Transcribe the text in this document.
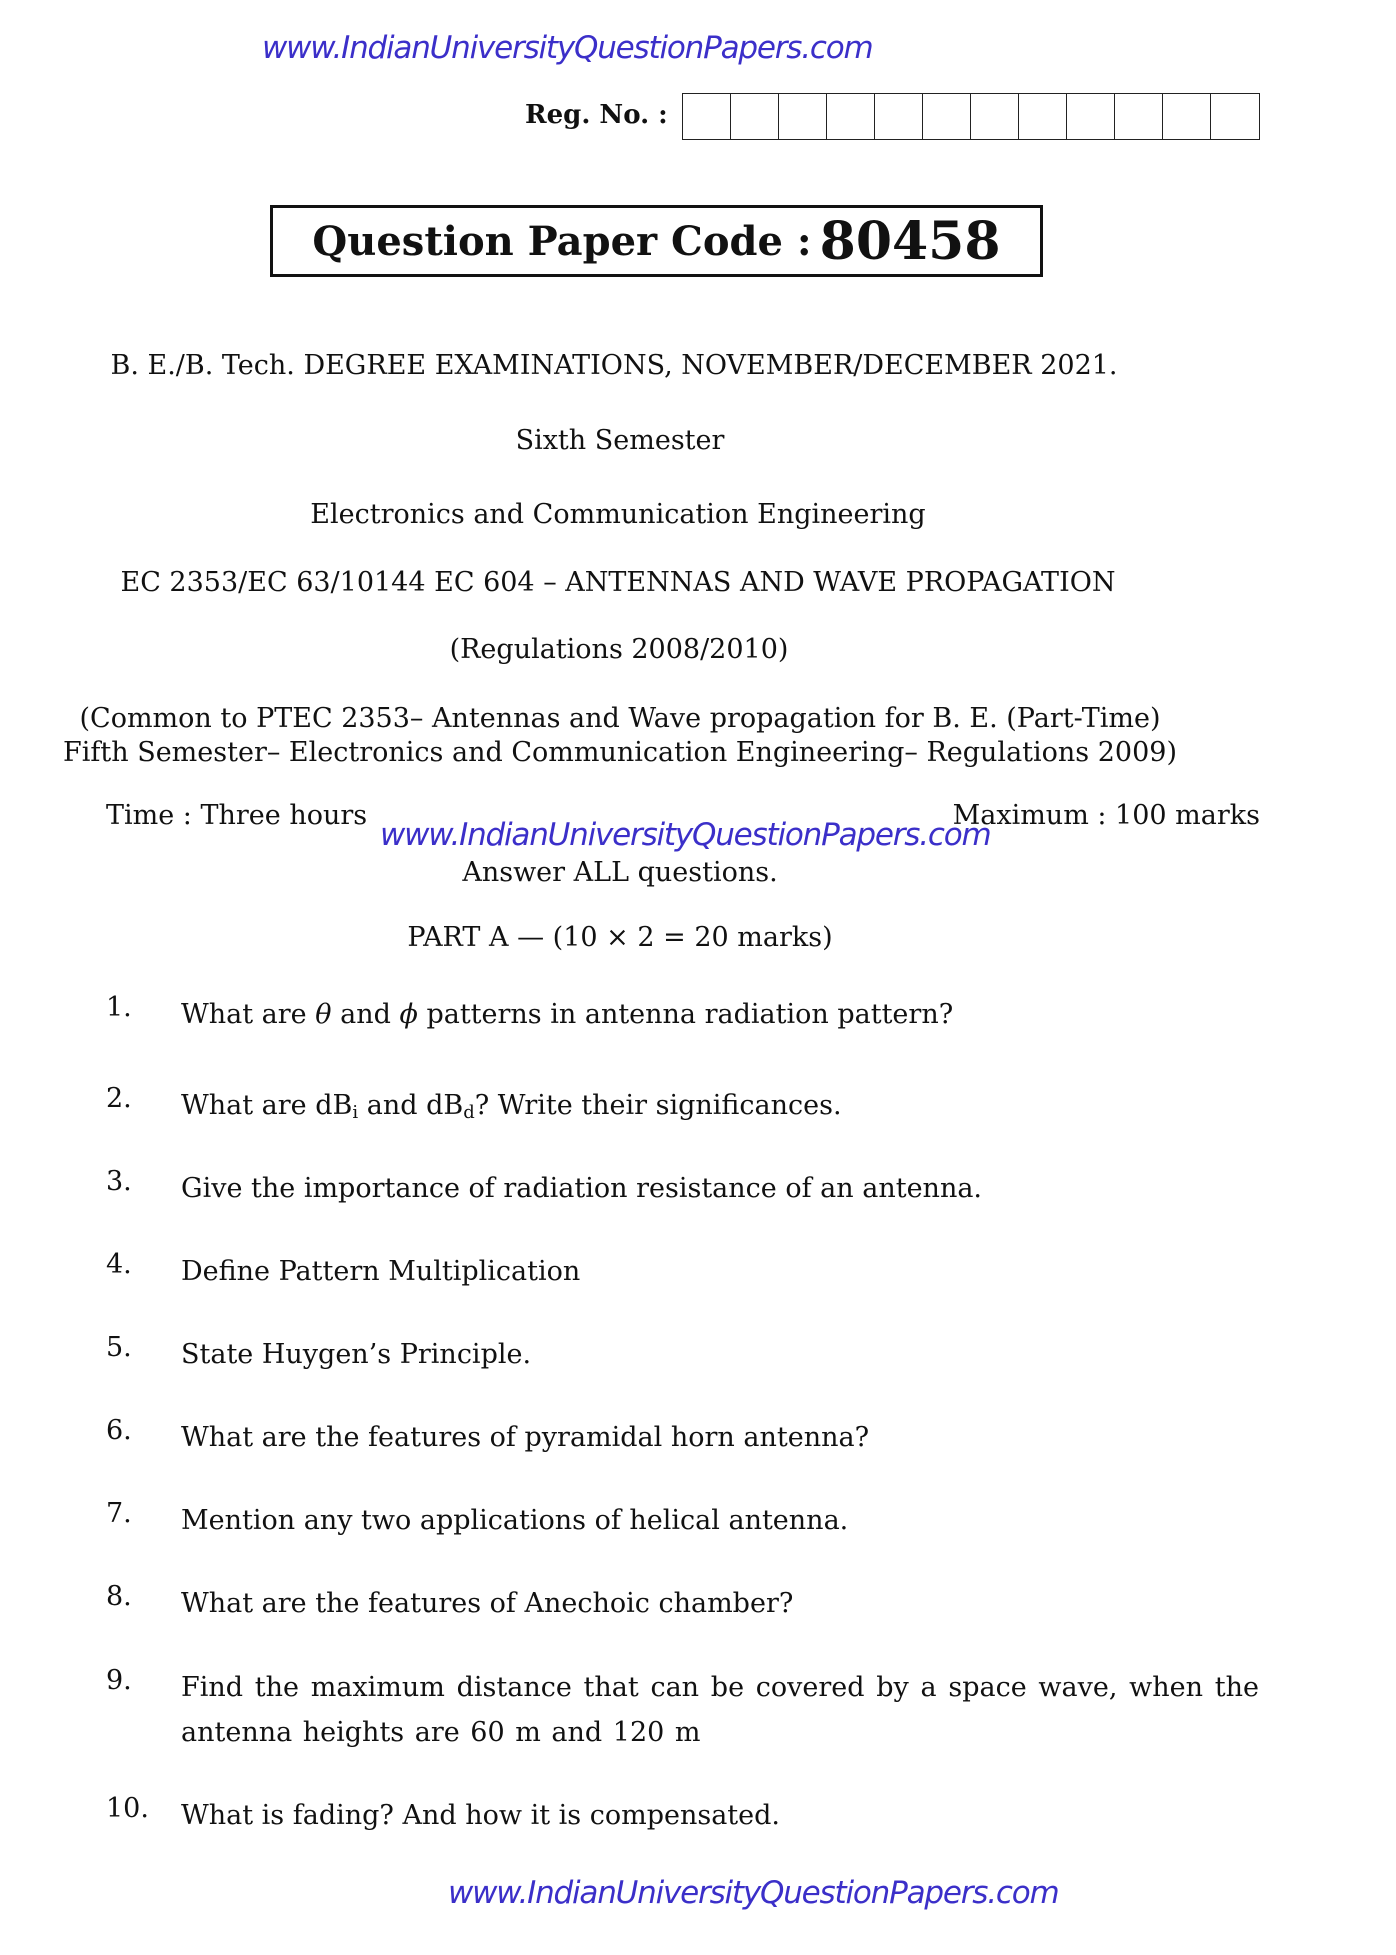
www.IndianUniversityQuestionPapers.com
Reg. No. :
Question Paper Code : 80458
B. E./B. Tech. DEGREE EXAMINATIONS, NOVEMBER/DECEMBER 2021.
Sixth Semester
Electronics and Communication Engineering
EC 2353/EC 63/10144 EC 604 – ANTENNAS AND WAVE PROPAGATION
(Regulations 2008/2010)
(Common to PTEC 2353– Antennas and Wave propagation for B. E. (Part-Time)
Fifth Semester– Electronics and Communication Engineering– Regulations 2009)
Time : Three hours	Maximum : 100 marks
Answer ALL questions.
www.IndianUniversityQuestionPapers.com
PART A — (10 × 2 = 20 marks)
1. What are θ and ϕ patterns in antenna radiation pattern?
2. What are $dB_i$ and $dB_d$? Write their significances.
3. Give the importance of radiation resistance of an antenna.
4. Define Pattern Multiplication
5. State Huygen’s Principle.
6. What are the features of pyramidal horn antenna?
7. Mention any two applications of helical antenna.
8. What are the features of Anechoic chamber?
9. Find the maximum distance that can be covered by a space wave, when the antenna heights are 60 m and 120 m
10. What is fading? And how it is compensated.
www.IndianUniversityQuestionPapers.com
